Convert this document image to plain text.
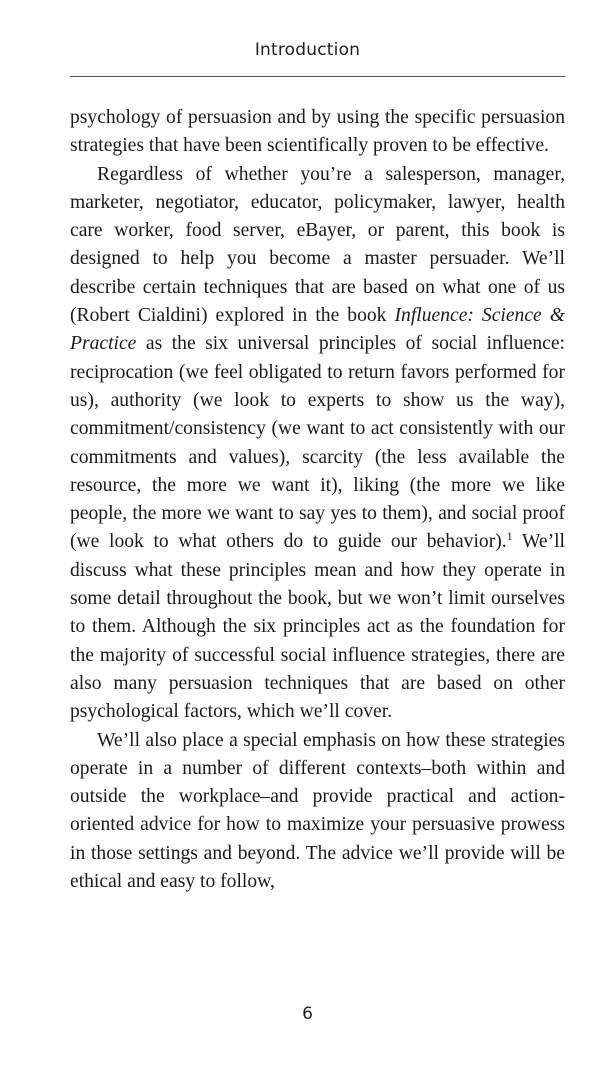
Introduction

psychology of persuasion and by using the specific persuasion strategies that have been scientifically proven to be effective.

Regardless of whether you’re a salesperson, manager, marketer, negotiator, educator, policymaker, lawyer, health care worker, food server, eBayer, or parent, this book is designed to help you become a master persuader. We’ll describe certain techniques that are based on what one of us (Robert Cialdini) explored in the book Influence: Science & Practice as the six universal principles of social influence: reciprocation (we feel obligated to return favors performed for us), authority (we look to experts to show us the way), commitment/consistency (we want to act consistently with our commitments and values), scarcity (the less available the resource, the more we want it), liking (the more we like people, the more we want to say yes to them), and social proof (we look to what others do to guide our behavior).$^1$ We’ll discuss what these principles mean and how they operate in some detail throughout the book, but we won’t limit ourselves to them. Although the six principles act as the foundation for the majority of successful social influence strategies, there are also many persuasion techniques that are based on other psychological factors, which we’ll cover.

We’ll also place a special emphasis on how these strategies operate in a number of different contexts–both within and outside the workplace–and provide practical and action-oriented advice for how to maximize your persuasive prowess in those settings and beyond. The advice we’ll provide will be ethical and easy to follow,

6
